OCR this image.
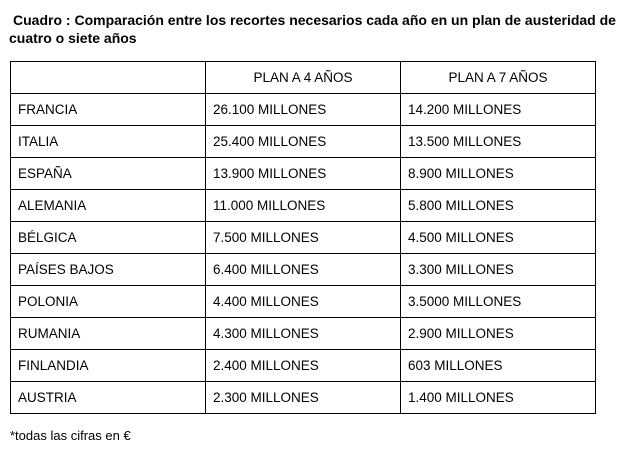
Cuadro : Comparación entre los recortes necesarios cada año en un plan de austeridad de cuatro o siete años

	PLAN A 4 AÑOS	PLAN A 7 AÑOS
FRANCIA	26.100 MILLONES	14.200 MILLONES
ITALIA	25.400 MILLONES	13.500 MILLONES
ESPAÑA	13.900 MILLONES	8.900 MILLONES
ALEMANIA	11.000 MILLONES	5.800 MILLONES
BÉLGICA	7.500 MILLONES	4.500 MILLONES
PAÍSES BAJOS	6.400 MILLONES	3.300 MILLONES
POLONIA	4.400 MILLONES	3.5000 MILLONES
RUMANIA	4.300 MILLONES	2.900 MILLONES
FINLANDIA	2.400 MILLONES	603 MILLONES
AUSTRIA	2.300 MILLONES	1.400 MILLONES

*todas las cifras en €
